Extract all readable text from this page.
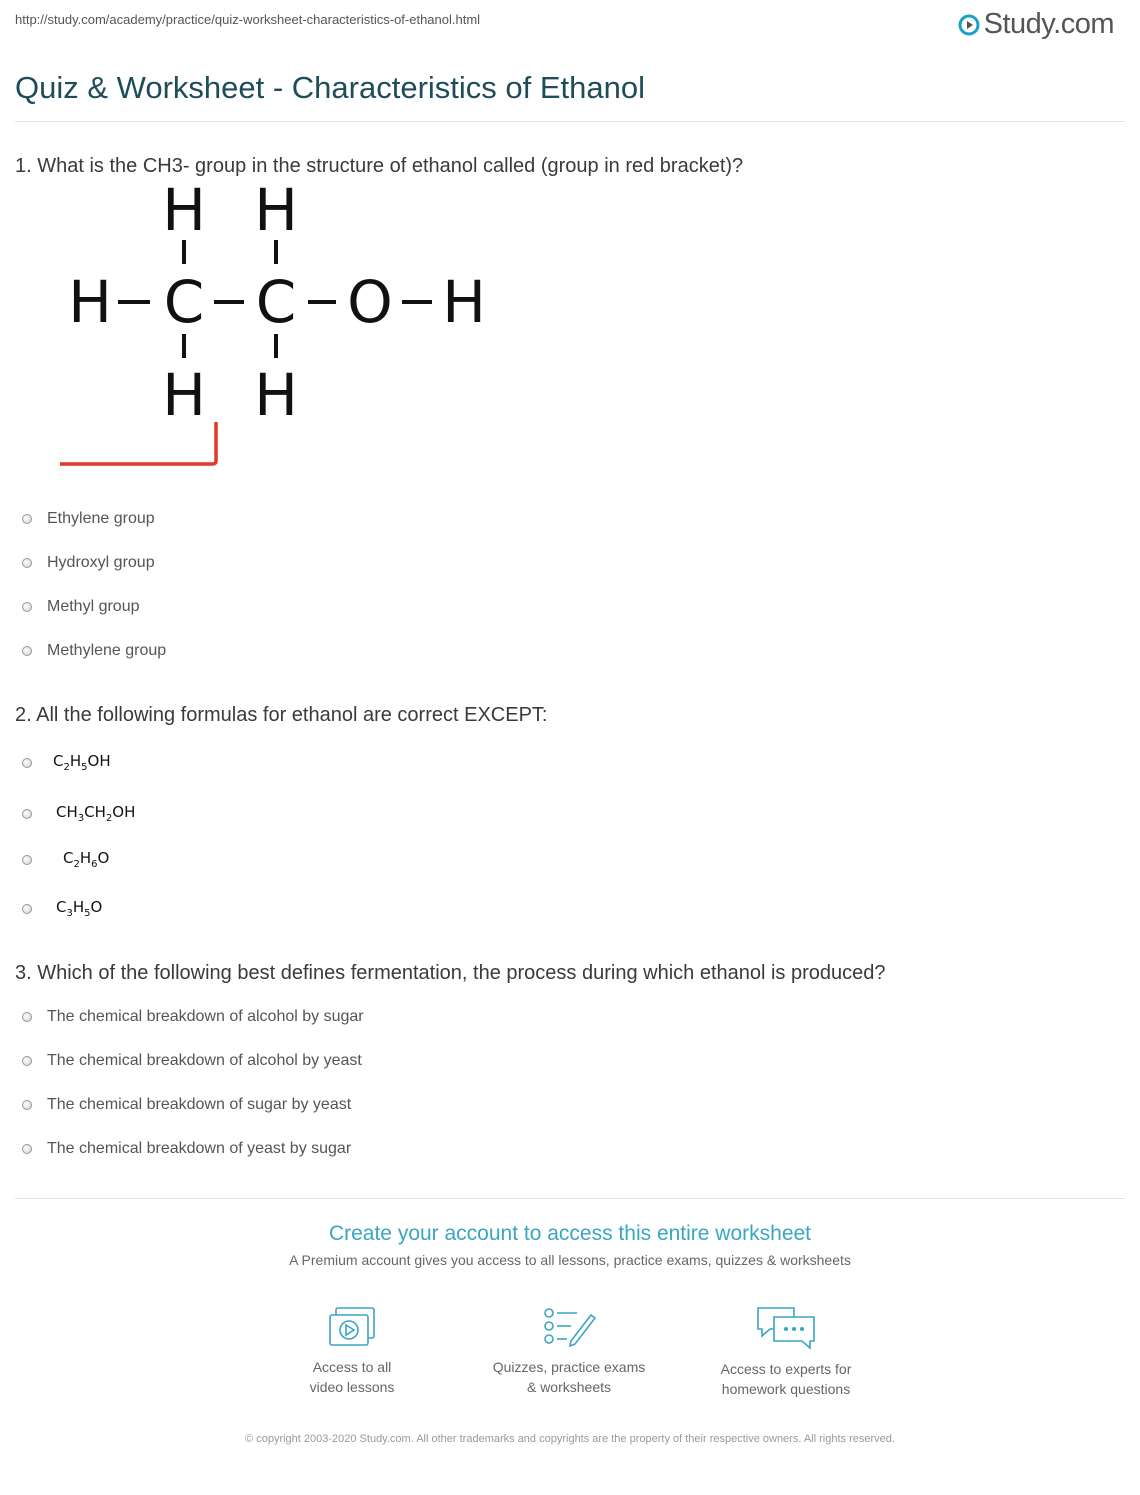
http://study.com/academy/practice/quiz-worksheet-characteristics-of-ethanol.html	Study.com
Quiz & Worksheet - Characteristics of Ethanol

1. What is the CH3- group in the structure of ethanol called (group in red bracket)?

H H
H C C O H
H H
Ethylene group
Hydroxyl group
Methyl group
Methylene group

2. All the following formulas for ethanol are correct EXCEPT:

$C_2H_5OH$
$CH_3CH_2OH$
$C_2H_6O$
$C_3H_5O$

3. Which of the following best defines fermentation, the process during which ethanol is produced?

The chemical breakdown of alcohol by sugar
The chemical breakdown of alcohol by yeast
The chemical breakdown of sugar by yeast
The chemical breakdown of yeast by sugar
Create your account to access this entire worksheet
A Premium account gives you access to all lessons, practice exams, quizzes & worksheets
Access to all
video lessons
Quizzes, practice exams
& worksheets
Access to experts for
homework questions
© copyright 2003-2020 Study.com. All other trademarks and copyrights are the property of their respective owners. All rights reserved.
